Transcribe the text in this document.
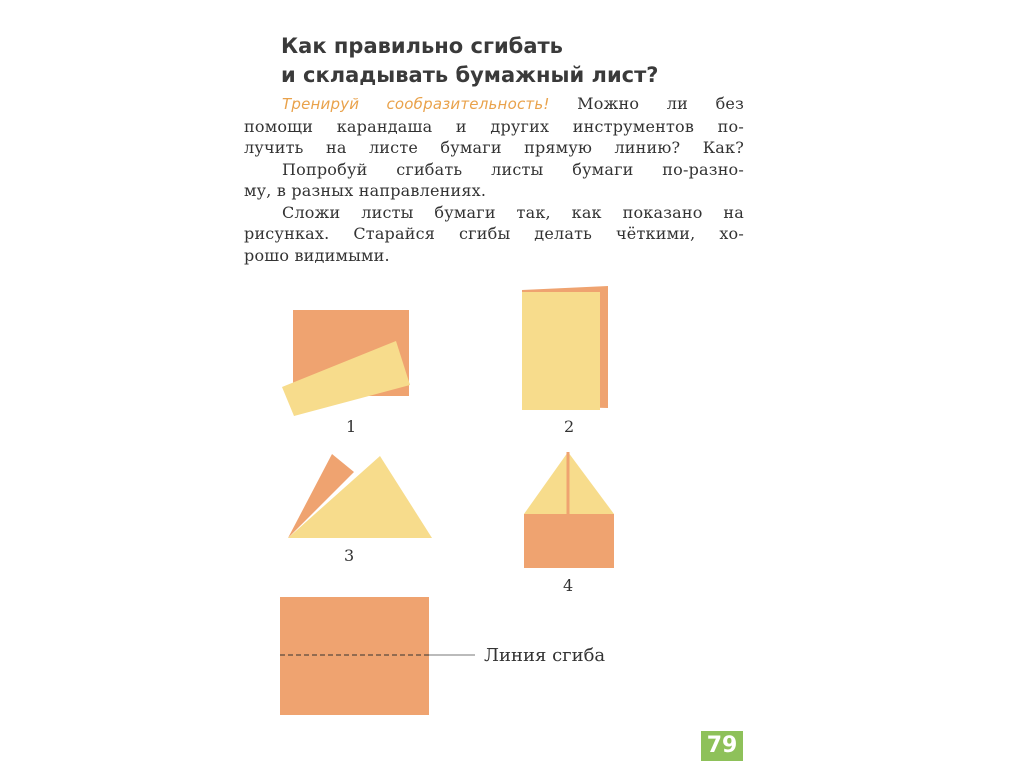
Как правильно сгибать
и складывать бумажный лист?

Тренируй сообразительность! Можно ли без
помощи карандаша и других инструментов по-
лучить на листе бумаги прямую линию? Как?

Попробуй сгибать листы бумаги по-разно-
му, в разных направлениях.

Сложи листы бумаги так, как показано на
рисунках. Старайся сгибы делать чёткими, хо-
рошо видимыми.

1	2
3
4
Линия сгиба
79
